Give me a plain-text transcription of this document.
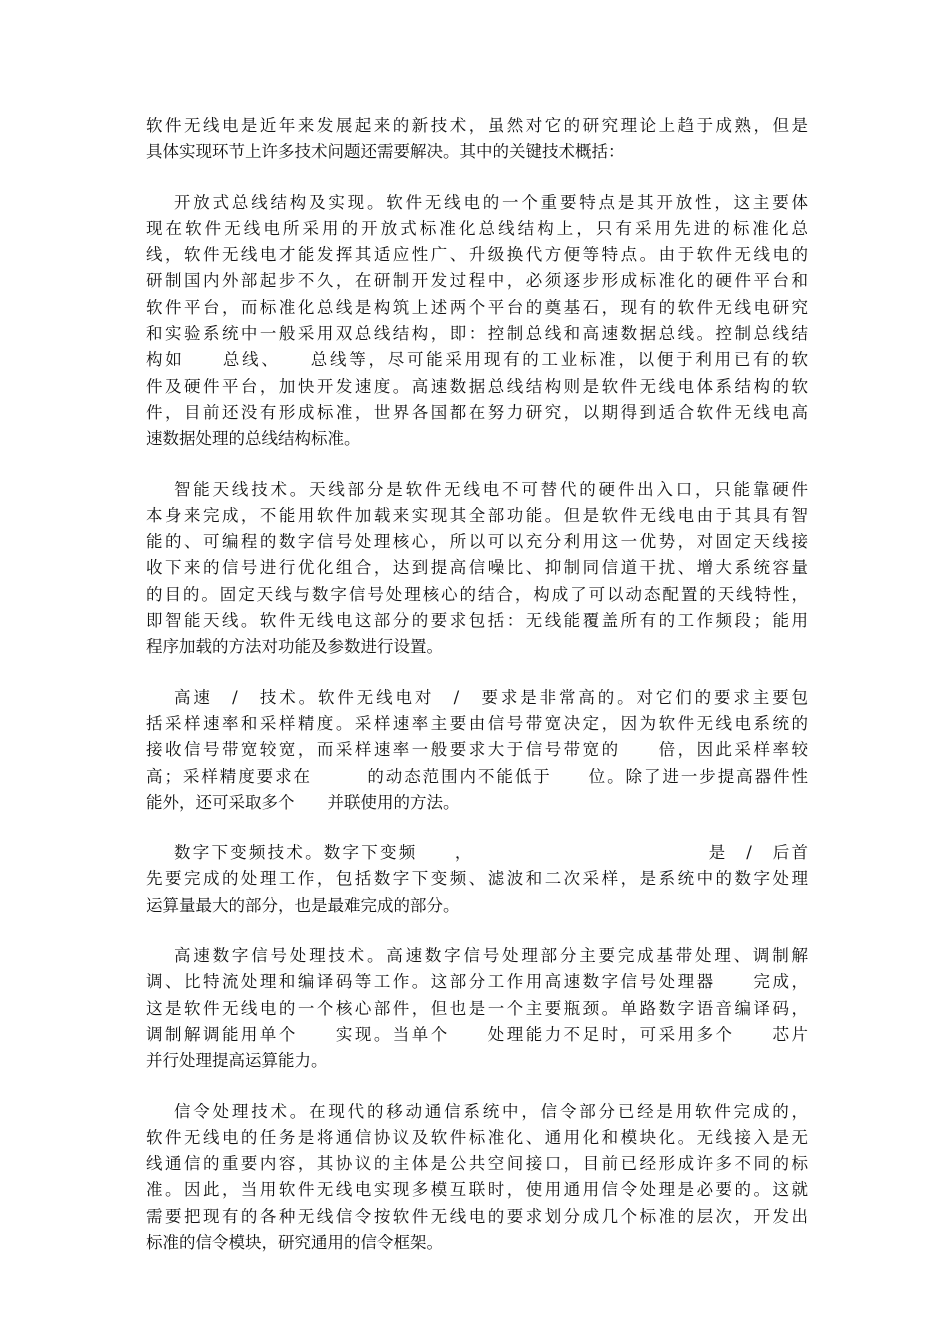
软件无线电是近年来发展起来的新技术，虽然对它的研究理论上趋于成熟，但是
具体实现环节上许多技术问题还需要解决。其中的关键技术概括：
开放式总线结构及实现。软件无线电的一个重要特点是其开放性，这主要体
现在软件无线电所采用的开放式标准化总线结构上，只有采用先进的标准化总
线，软件无线电才能发挥其适应性广、升级换代方便等特点。由于软件无线电的
研制国内外部起步不久，在研制开发过程中，必须逐步形成标准化的硬件平台和
软件平台，而标准化总线是构筑上述两个平台的奠基石，现有的软件无线电研究
和实验系统中一般采用双总线结构，即：控制总线和高速数据总线。控制总线结
构如　　总线、　　总线等，尽可能采用现有的工业标准，以便于利用已有的软
件及硬件平台，加快开发速度。高速数据总线结构则是软件无线电体系结构的软
件，目前还没有形成标准，世界各国都在努力研究，以期得到适合软件无线电高
速数据处理的总线结构标准。
智能天线技术。天线部分是软件无线电不可替代的硬件出入口，只能靠硬件
本身来完成，不能用软件加载来实现其全部功能。但是软件无线电由于其具有智
能的、可编程的数字信号处理核心，所以可以充分利用这一优势，对固定天线接
收下来的信号进行优化组合，达到提高信噪比、抑制同信道干扰、增大系统容量
的目的。固定天线与数字信号处理核心的结合，构成了可以动态配置的天线特性，
即智能天线。软件无线电这部分的要求包括：无线能覆盖所有的工作频段；能用
程序加载的方法对功能及参数进行设置。
高速　/　技术。软件无线电对　/　要求是非常高的。对它们的要求主要包
括采样速率和采样精度。采样速率主要由信号带宽决定，因为软件无线电系统的
接收信号带宽较宽，而采样速率一般要求大于信号带宽的　　倍，因此采样率较
高；采样精度要求在　　　的动态范围内不能低于　　位。除了进一步提高器件性
能外，还可采取多个　　并联使用的方法。
数字下变频技术。数字下变频　　，　　　　　　　　　　　　　是　/　后首
先要完成的处理工作，包括数字下变频、滤波和二次采样，是系统中的数字处理
运算量最大的部分，也是最难完成的部分。
高速数字信号处理技术。高速数字信号处理部分主要完成基带处理、调制解
调、比特流处理和编译码等工作。这部分工作用高速数字信号处理器　　完成，
这是软件无线电的一个核心部件，但也是一个主要瓶颈。单路数字语音编译码，
调制解调能用单个　　实现。当单个　　处理能力不足时，可采用多个　　芯片
并行处理提高运算能力。
信令处理技术。在现代的移动通信系统中，信令部分已经是用软件完成的，
软件无线电的任务是将通信协议及软件标准化、通用化和模块化。无线接入是无
线通信的重要内容，其协议的主体是公共空间接口，目前已经形成许多不同的标
准。因此，当用软件无线电实现多模互联时，使用通用信令处理是必要的。这就
需要把现有的各种无线信令按软件无线电的要求划分成几个标准的层次，开发出
标准的信令模块，研究通用的信令框架。
